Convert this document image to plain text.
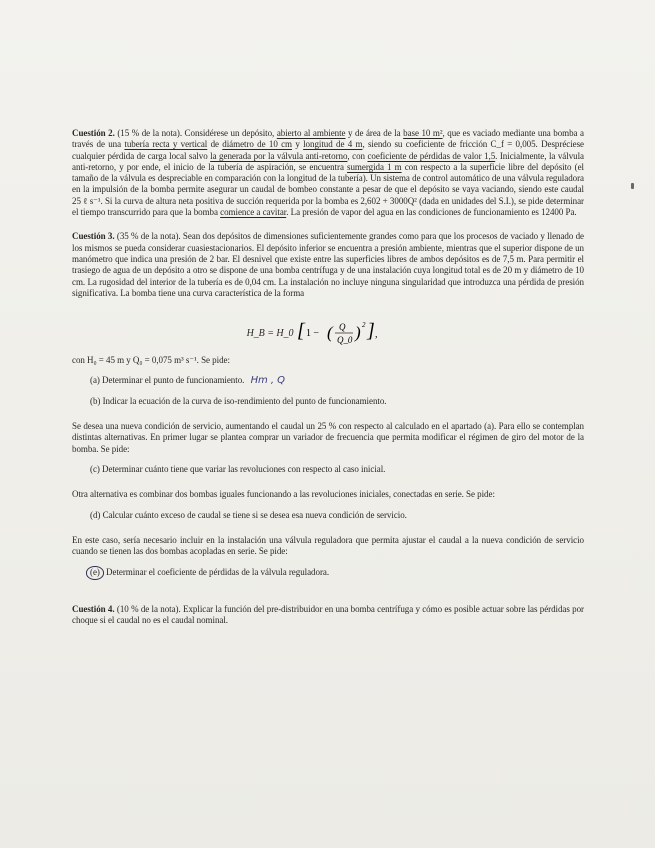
Cuestión 2. (15 % de la nota). Considérese un depósito, abierto al ambiente y de área de la base 10 m², que es vaciado mediante una bomba a través de una tubería recta y vertical de diámetro de 10 cm y longitud de 4 m, siendo su coeficiente de fricción C_f = 0,005. Despréciese cualquier pérdida de carga local salvo la generada por la válvula anti-retorno, con coeficiente de pérdidas de valor 1,5. Inicialmente, la válvula anti-retorno, y por ende, el inicio de la tubería de aspiración, se encuentra sumergida 1 m con respecto a la superficie libre del depósito (el tamaño de la válvula es despreciable en comparación con la longitud de la tubería). Un sistema de control automático de una válvula reguladora en la impulsión de la bomba permite asegurar un caudal de bombeo constante a pesar de que el depósito se vaya vaciando, siendo este caudal 25 ℓ s⁻¹. Si la curva de altura neta positiva de succión requerida por la bomba es 2,602 + 3000Q² (dada en unidades del S.I.), se pide determinar el tiempo transcurrido para que la bomba comience a cavitar. La presión de vapor del agua en las condiciones de funcionamiento es 12400 Pa.

Cuestión 3. (35 % de la nota). Sean dos depósitos de dimensiones suficientemente grandes como para que los procesos de vaciado y llenado de los mismos se pueda considerar cuasiestacionarios. El depósito inferior se encuentra a presión ambiente, mientras que el superior dispone de un manómetro que indica una presión de 2 bar. El desnivel que existe entre las superficies libres de ambos depósitos es de 7,5 m. Para permitir el trasiego de agua de un depósito a otro se dispone de una bomba centrífuga y de una instalación cuya longitud total es de 20 m y diámetro de 10 cm. La rugosidad del interior de la tubería es de 0,04 cm. La instalación no incluye ninguna singularidad que introduzca una pérdida de presión significativa. La bomba tiene una curva característica de la forma

H_B = H_0 [ 1 − ( Q
Q_0 ) 2 ] ,

con H₀ = 45 m y Q₀ = 0,075 m³ s⁻¹. Se pide:

(a) Determinar el punto de funcionamiento. Hm , Q
(b) Indicar la ecuación de la curva de iso-rendimiento del punto de funcionamiento.

Se desea una nueva condición de servicio, aumentando el caudal un 25 % con respecto al calculado en el apartado (a). Para ello se contemplan distintas alternativas. En primer lugar se plantea comprar un variador de frecuencia que permita modificar el régimen de giro del motor de la bomba. Se pide:

(c) Determinar cuánto tiene que variar las revoluciones con respecto al caso inicial.

Otra alternativa es combinar dos bombas iguales funcionando a las revoluciones iniciales, conectadas en serie. Se pide:

(d) Calcular cuánto exceso de caudal se tiene si se desea esa nueva condición de servicio.

En este caso, sería necesario incluir en la instalación una válvula reguladora que permita ajustar el caudal a la nueva condición de servicio cuando se tienen las dos bombas acopladas en serie. Se pide:

(e) Determinar el coeficiente de pérdidas de la válvula reguladora.

Cuestión 4. (10 % de la nota). Explicar la función del pre-distribuidor en una bomba centrífuga y cómo es posible actuar sobre las pérdidas por choque si el caudal no es el caudal nominal.
